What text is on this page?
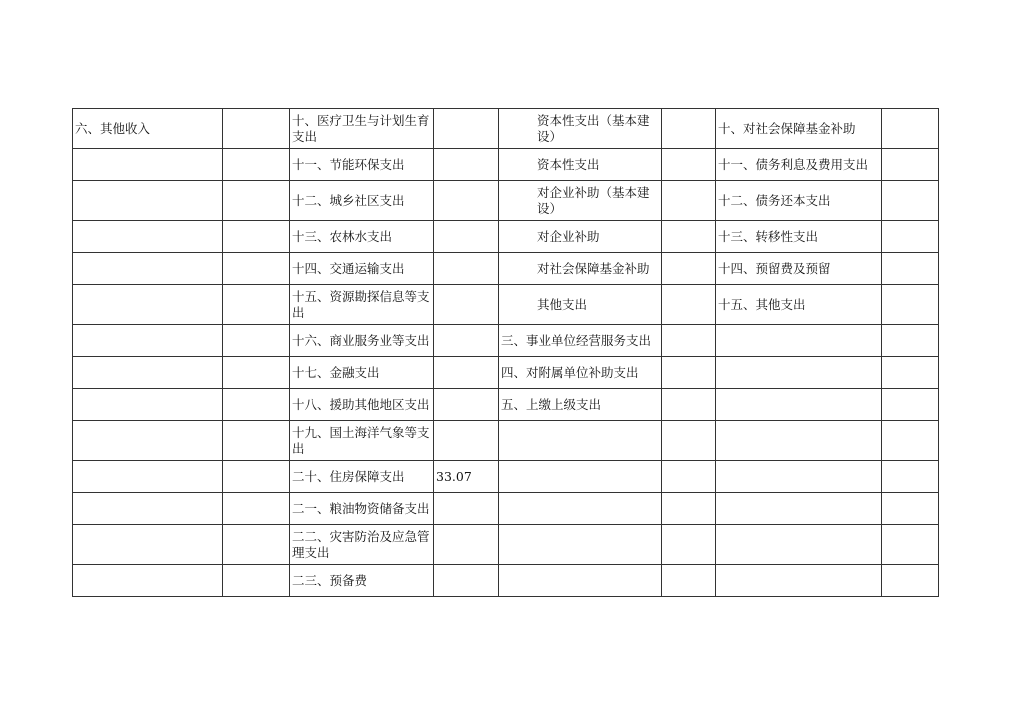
六、其他收入		十、医疗卫生与计划生育支出		资本性支出（基本建设）		十、对社会保障基金补助	
		十一、节能环保支出		资本性支出		十一、债务利息及费用支出	
		十二、城乡社区支出		对企业补助（基本建设）		十二、债务还本支出	
		十三、农林水支出		对企业补助		十三、转移性支出	
		十四、交通运输支出		对社会保障基金补助		十四、预留费及预留	
		十五、资源勘探信息等支出		其他支出		十五、其他支出	
		十六、商业服务业等支出		三、事业单位经营服务支出			
		十七、金融支出		四、对附属单位补助支出			
		十八、援助其他地区支出		五、上缴上级支出			
		十九、国土海洋气象等支出					
		二十、住房保障支出	33.07				
		二一、粮油物资储备支出					
		二二、灾害防治及应急管理支出					
		二三、预备费					
